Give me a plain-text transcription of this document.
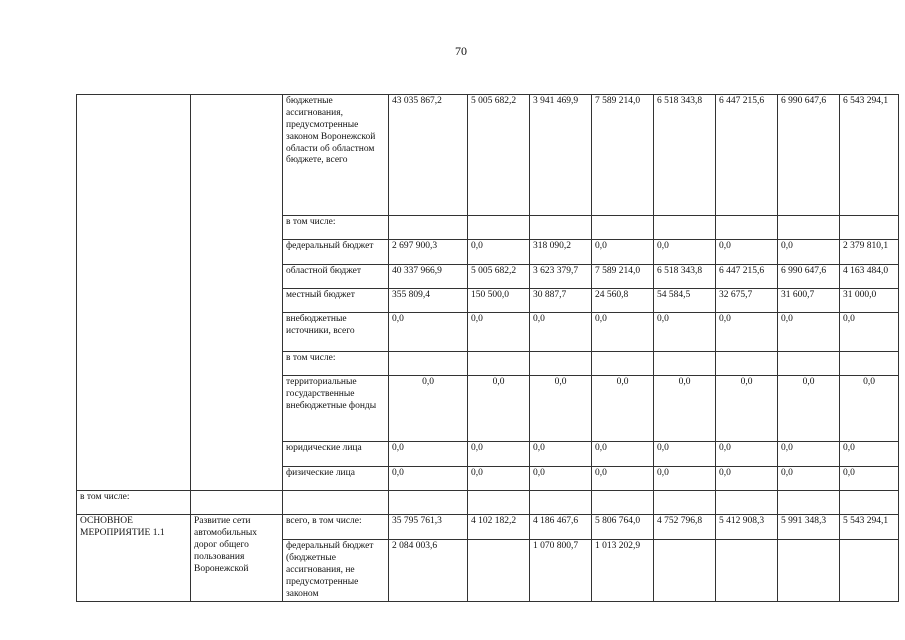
70
		бюджетные ассигнования, предусмотренные законом Воронежской области об областном бюджете, всего	43 035 867,2	5 005 682,2	3 941 469,9	7 589 214,0	6 518 343,8	6 447 215,6	6 990 647,6	6 543 294,1
		в том числе:								
		федеральный бюджет	2 697 900,3	0,0	318 090,2	0,0	0,0	0,0	0,0	2 379 810,1
		областной бюджет	40 337 966,9	5 005 682,2	3 623 379,7	7 589 214,0	6 518 343,8	6 447 215,6	6 990 647,6	4 163 484,0
		местный бюджет	355 809,4	150 500,0	30 887,7	24 560,8	54 584,5	32 675,7	31 600,7	31 000,0
		внебюджетные источники, всего	0,0	0,0	0,0	0,0	0,0	0,0	0,0	0,0
		в том числе:								
		территориальные государственные внебюджетные фонды	0,0	0,0	0,0	0,0	0,0	0,0	0,0	0,0
		юридические лица	0,0	0,0	0,0	0,0	0,0	0,0	0,0	0,0
		физические лица	0,0	0,0	0,0	0,0	0,0	0,0	0,0	0,0
в том числе:										
ОСНОВНОЕ МЕРОПРИЯТИЕ 1.1	Развитие сети автомобильных дорог общего пользования Воронежской	всего, в том числе:	35 795 761,3	4 102 182,2	4 186 467,6	5 806 764,0	4 752 796,8	5 412 908,3	5 991 348,3	5 543 294,1
		федеральный бюджет (бюджетные ассигнования, не предусмотренные законом	2 084 003,6		1 070 800,7	1 013 202,9				
